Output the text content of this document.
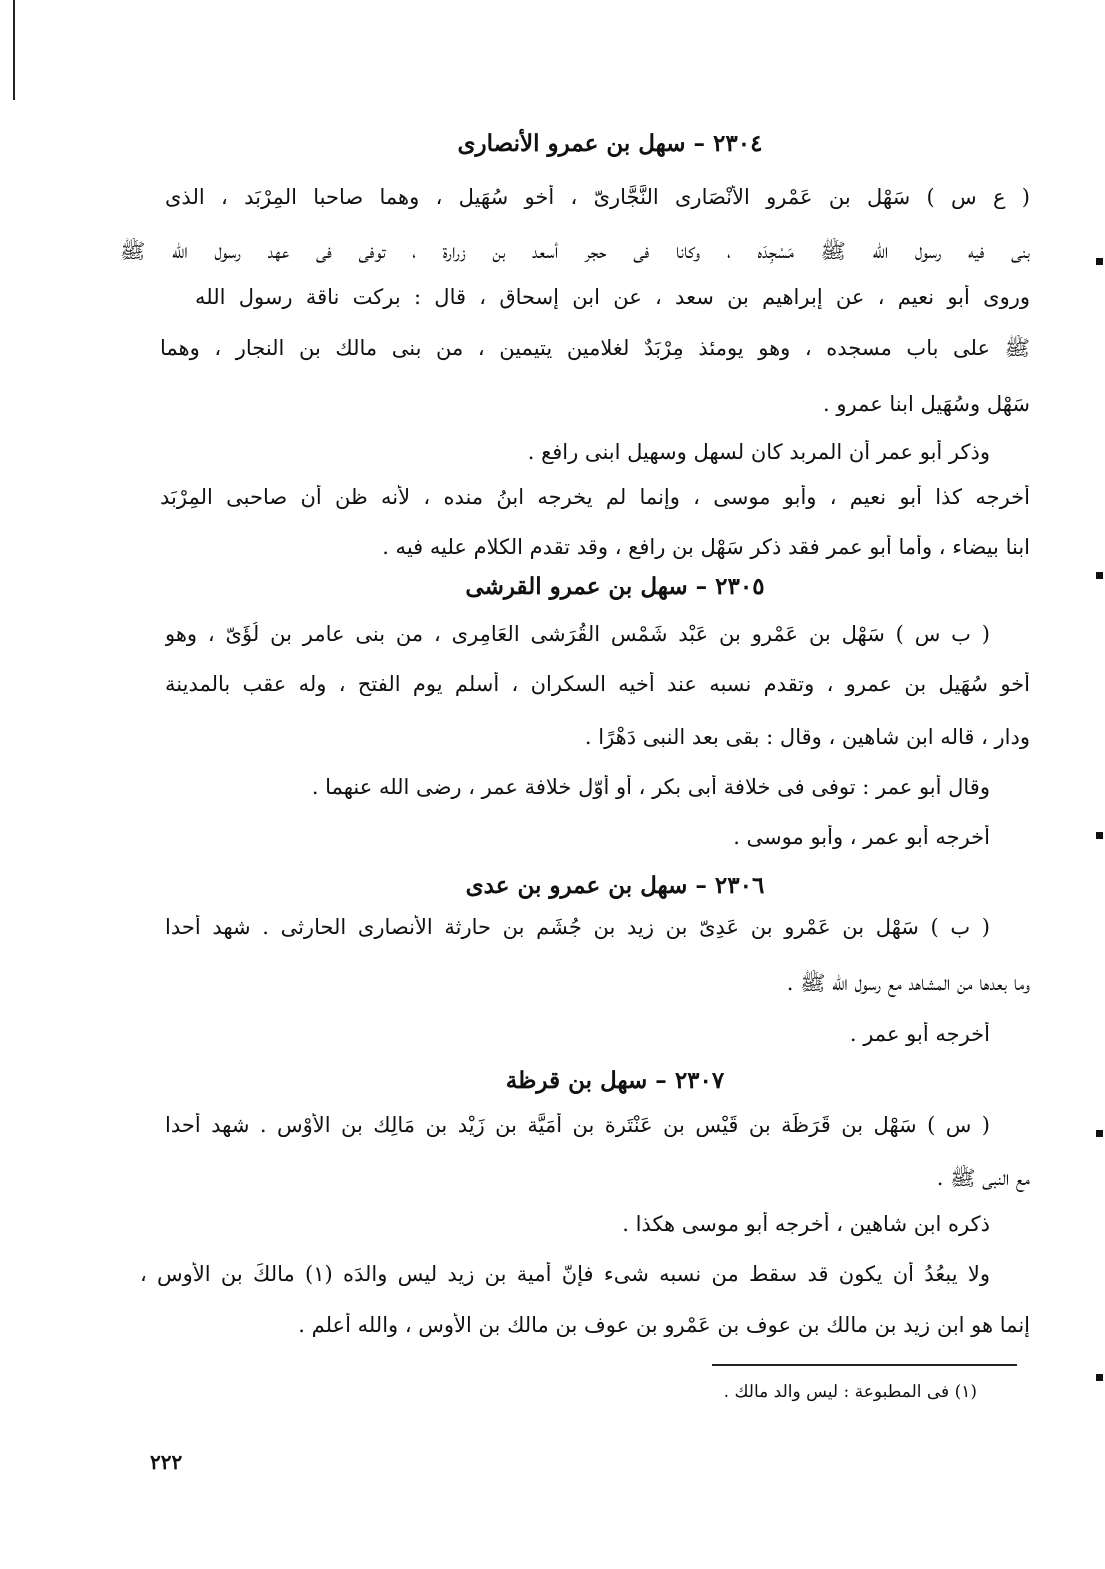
٢٣٠٤ – سهل بن عمرو الأنصارى
( ع س ) سَهْل بن عَمْرو الأَنْصَارِى النَّجَّارِىّ ، أخو سُهَيل ، وهما صاحبا المِرْبَد ، الذى
بنى فيه رسول الله ﷺ مَسْجِدَه ، وكانا فى حجر أسعد بن زرارة ، توفى فى عهد رسول الله ﷺ
وروى أبو نعيم ، عن إبراهيم بن سعد ، عن ابن إسحاق ، قال : بركت ناقة رسول الله
ﷺ على باب مسجده ، وهو يومئذ مِرْبَدٌ لغلامين يتيمين ، من بنى مالك بن النجار ، وهما
سَهْل وسُهَيل ابنا عمرو .
وذكر أبو عمر أن المربد كان لسهل وسهيل ابنى رافع .
أخرجه كذا أبو نعيم ، وأبو موسى ، وإنما لم يخرجه ابنُ منده ، لأنه ظن أن صاحبى المِرْبَد
ابنا بيضاء ، وأما أبو عمر فقد ذكر سَهْل بن رافع ، وقد تقدم الكلام عليه فيه .
٢٣٠٥ – سهل بن عمرو القرشى
( ب س ) سَهْل بن عَمْرو بن عَبْد شَمْس القُرَشى العَامِرى ، من بنى عامر بن لُؤَىّ ، وهو
أخو سُهَيل بن عمرو ، وتقدم نسبه عند أخيه السكران ، أسلم يوم الفتح ، وله عقب بالمدينة
ودار ، قاله ابن شاهين ، وقال : بقى بعد النبى دَهْرًا .
وقال أبو عمر : توفى فى خلافة أبى بكر ، أو أوّل خلافة عمر ، رضى الله عنهما .
أخرجه أبو عمر ، وأبو موسى .
٢٣٠٦ – سهل بن عمرو بن عدى
( ب ) سَهْل بن عَمْرو بن عَدِىّ بن زيد بن جُشَم بن حارثة الأنصارى الحارثى . شهد أحدا
وما بعدها من المشاهد مع رسول الله ﷺ .
أخرجه أبو عمر .
٢٣٠٧ – سهل بن قرظة
( س ) سَهْل بن قَرَظَة بن قَيْس بن عَنْتَرة بن أُمَيَّة بن زَيْد بن مَالِك بن الأَوْس . شهد أحدا
مع النبى ﷺ .
ذكره ابن شاهين ، أخرجه أبو موسى هكذا .
ولا يبعُدُ أن يكون قد سقط من نسبه شىء فإنّ أمية بن زيد ليس والدَه (١) مالكَ بن الأوس ،
إنما هو ابن زيد بن مالك بن عوف بن عَمْرو بن عوف بن مالك بن الأوس ، والله أعلم .
(١) فى المطبوعة : ليس والد مالك .
٢٢٢
